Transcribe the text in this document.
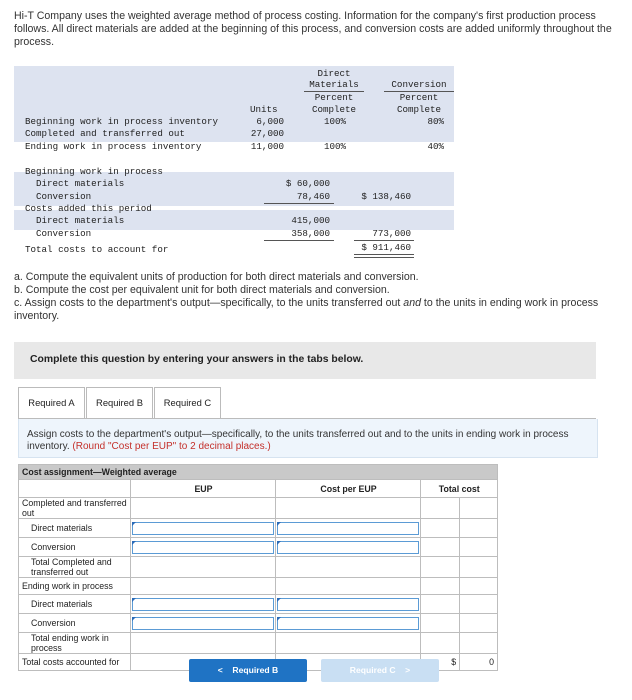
Hi-T Company uses the weighted average method of process costing. Information for the company's first production process follows. All direct materials are added at the beginning of this process, and conversion costs are added uniformly throughout the process.

Direct
Materials	Conversion
Percent	Percent
Units	Complete	Complete
Beginning work in process inventory	6,000	100%	80%
Completed and transferred out	27,000
Ending work in process inventory	11,000	100%	40%
Beginning work in process
Direct materials	$ 60,000
Conversion	78,460	$ 138,460
Costs added this period
Direct materials	415,000
Conversion	358,000	773,000
Total costs to account for	$ 911,460
a. Compute the equivalent units of production for both direct materials and conversion.
b. Compute the cost per equivalent unit for both direct materials and conversion.
c. Assign costs to the department's output—specifically, to the units transferred out and to the units in ending work in process inventory.
Complete this question by entering your answers in the tabs below.
Required A	Required B	Required C
Assign costs to the department's output—specifically, to the units transferred out and to the units in ending work in process
inventory. (Round "Cost per EUP" to 2 decimal places.)
Cost assignment—Weighted average				
	EUP	Cost per EUP	Total cost	
Completed and transferred out				
Direct materials	

Conversion	

Total Completed and transferred out				
Ending work in process				
Direct materials	

Conversion	

Total ending work in process				
Total costs accounted for			$	0
<    Required B	Required C    >
